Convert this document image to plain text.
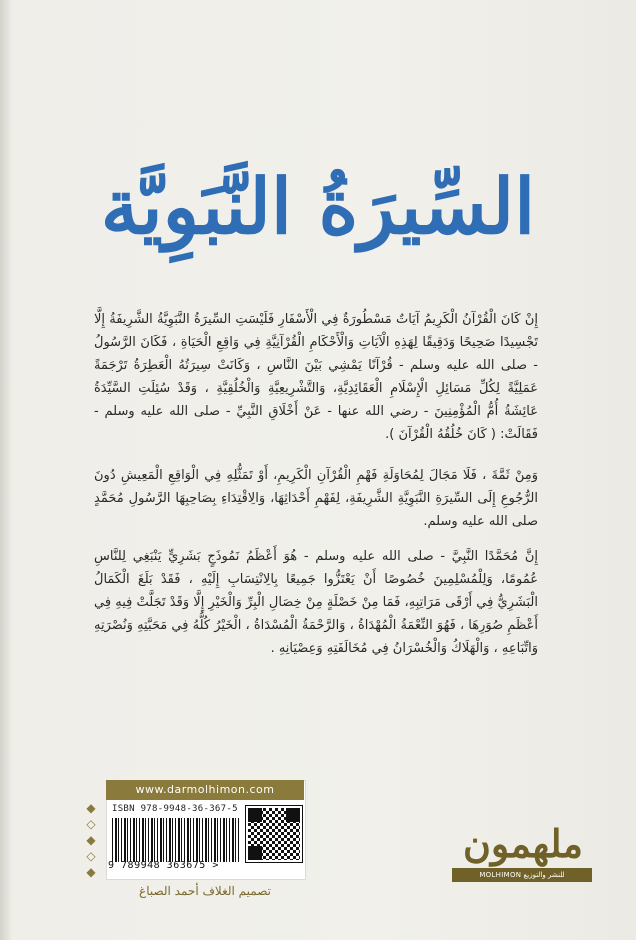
السِّيرَةُ النَّبَوِيَّة

إِنْ كَانَ الْقُرْآنُ الْكَرِيمُ آيَاتٌ مَسْطُورَةٌ فِي الْأَسْفَارِ فَلَيْسَتِ السِّيرَةُ النَّبَوِيَّةُ الشَّرِيفَةُ إِلَّا تَجْسِيدًا صَحِيحًا وَدَقِيقًا لِهَذِهِ الْآيَاتِ وَالْأَحْكَامِ الْقُرْآنِيَّةِ فِي وَاقِعِ الْحَيَاةِ ، فَكَانَ الرَّسُولُ - صلى الله عليه وسلم - قُرْآنًا يَمْشِي بَيْنَ النَّاسِ ، وَكَانَتْ سِيرَتُهُ الْعَطِرَةُ تَرْجَمَةً عَمَلِيَّةً لِكُلِّ مَسَائِلِ الْإِسْلَامِ الْعَقَائِدِيَّةِ، وَالتَّشْرِيعِيَّةِ وَالْخُلُقِيَّةِ ، وَقَدْ سُئِلَتِ السَّيِّدَةُ عَائِشَةُ أُمُّ الْمُؤْمِنِينَ - رضي الله عنها - عَنْ أَخْلَاقِ النَّبِيِّ - صلى الله عليه وسلم - فَقَالَتْ: ( كَانَ خُلُقُهُ الْقُرْآنَ ).

وَمِنْ ثَمَّةَ ، فَلَا مَجَالَ لِمُحَاوَلَةِ فَهْمِ الْقُرْآنِ الْكَرِيمِ، أَوْ تَمَثُّلِهِ فِي الْوَاقِعِ الْمَعِيشِ دُونَ الرُّجُوعِ إِلَى السِّيرَةِ النَّبَوِيَّةِ الشَّرِيفَةِ، لِفَهْمِ أَحْدَاثِهَا، وَالِاقْتِدَاءِ بِصَاحِبِهَا الرَّسُولِ مُحَمَّدٍ صلى الله عليه وسلم.

إِنَّ مُحَمَّدًا النَّبِيَّ - صلى الله عليه وسلم - هُوَ أَعْظَمُ نَمُوذَجٍ بَشَرِيٍّ يَنْبَغِي لِلنَّاسِ عُمُومًا، وَلِلْمُسْلِمِينَ خُصُوصًا أَنْ يَعْتَزُّوا جَمِيعًا بِالِانْتِسَابِ إِلَيْهِ ، فَقَدْ بَلَغَ الْكَمَالُ الْبَشَرِيُّ فِي أَرْقَى مَرَاتِبِهِ، فَمَا مِنْ خَصْلَةٍ مِنْ خِصَالِ الْبِرِّ وَالْخَيْرِ إِلَّا وَقَدْ تَجَلَّتْ فِيهِ فِي أَعْظَمِ صُوَرِهَا ، فَهُوَ النِّعْمَةُ الْمُهْدَاةُ ، وَالرَّحْمَةُ الْمُسْدَاةُ ، الْخَيْرُ كُلُّهُ فِي مَحَبَّتِهِ وَنُصْرَتِهِ وَاتِّبَاعِهِ ، وَالْهَلَاكُ وَالْخُسْرَانُ فِي مُخَالَفَتِهِ وَعِصْيَانِهِ .

◆
◇
◆
◇
◆
www.darmolhimon.com
ISBN 978-9948-36-367-5
9 789948 363675 >
تصميم الغلاف أحمد الصباغ
ملهمون
للنشر والتوزيع MOLHIMON
